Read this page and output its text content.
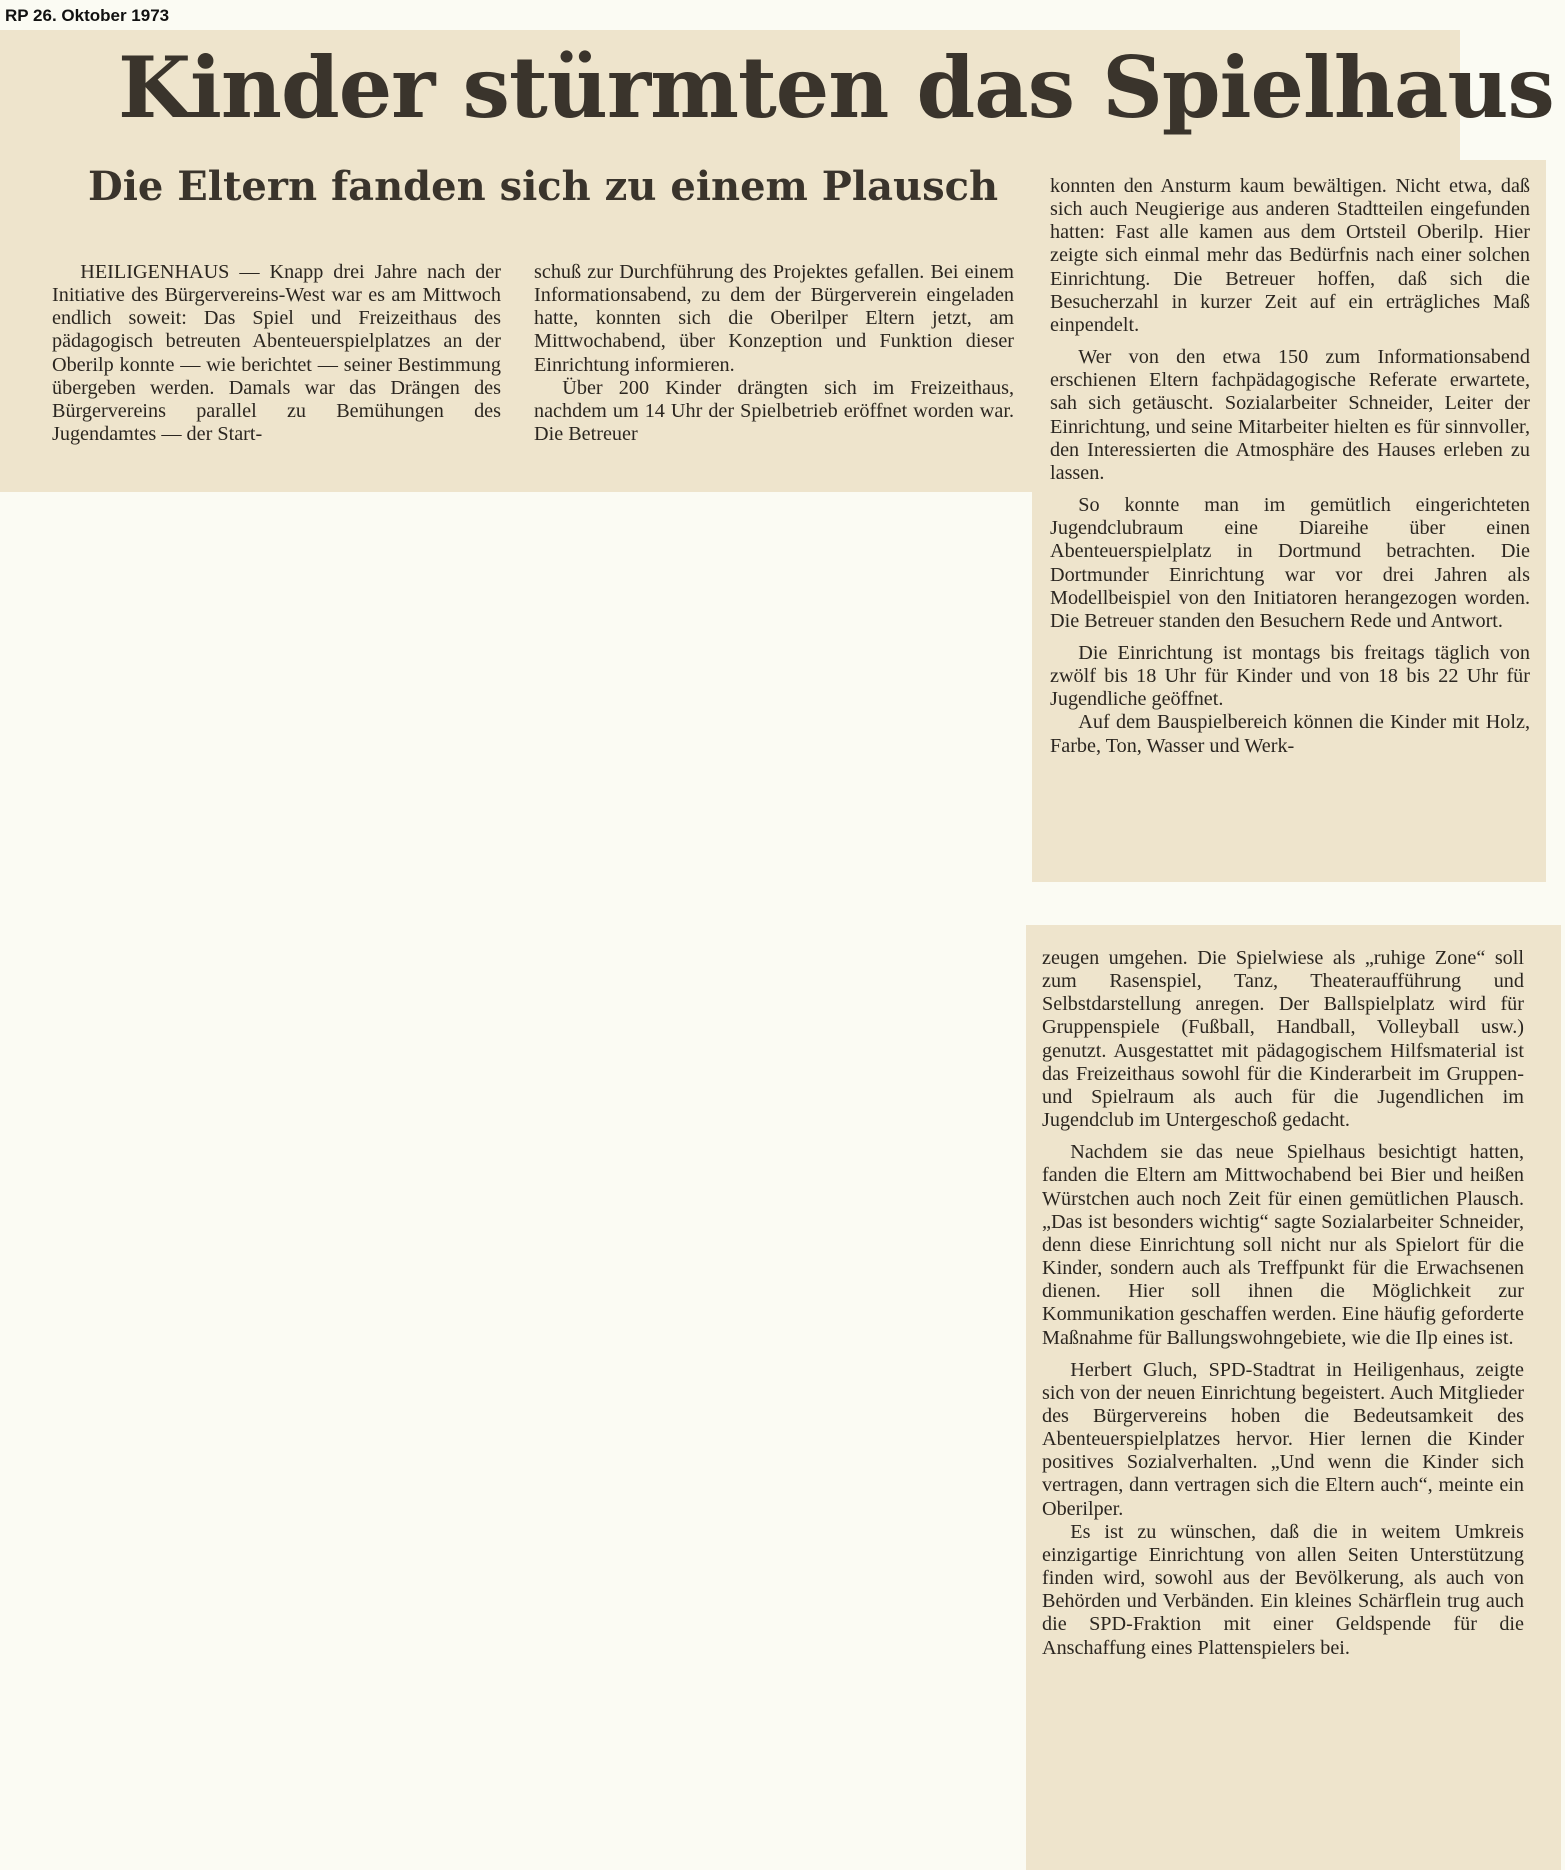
RP 26. Oktober 1973
Kinder stürmten das Spielhaus
Die Eltern fanden sich zu einem Plausch

HEILIGENHAUS — Knapp drei Jahre nach der Initiative des Bürgervereins-West war es am Mittwoch endlich soweit: Das Spiel und Freizeithaus des pädagogisch betreuten Abenteuerspielplatzes an der Oberilp konnte — wie berichtet — seiner Bestimmung übergeben werden. Damals war das Drängen des Bürgervereins parallel zu Bemühungen des Jugendamtes — der Start-

schuß zur Durchführung des Projektes gefallen. Bei einem Informationsabend, zu dem der Bürgerverein eingeladen hatte, konnten sich die Oberilper Eltern jetzt, am Mittwochabend, über Konzeption und Funktion dieser Einrichtung informieren.

Über 200 Kinder drängten sich im Freizeithaus, nachdem um 14 Uhr der Spielbetrieb eröffnet worden war. Die Betreuer

konnten den Ansturm kaum bewältigen. Nicht etwa, daß sich auch Neugierige aus anderen Stadtteilen eingefunden hatten: Fast alle kamen aus dem Ortsteil Oberilp. Hier zeigte sich einmal mehr das Bedürfnis nach einer solchen Einrichtung. Die Betreuer hoffen, daß sich die Besucherzahl in kurzer Zeit auf ein erträgliches Maß einpendelt.

Wer von den etwa 150 zum Informationsabend erschienen Eltern fachpädagogische Referate erwartete, sah sich getäuscht. Sozialarbeiter Schneider, Leiter der Einrichtung, und seine Mitarbeiter hielten es für sinnvoller, den Interessierten die Atmosphäre des Hauses erleben zu lassen.

So konnte man im gemütlich eingerichteten Jugendclubraum eine Diareihe über einen Abenteuerspielplatz in Dortmund betrachten. Die Dortmunder Einrichtung war vor drei Jahren als Modellbeispiel von den Initiatoren herangezogen worden. Die Betreuer standen den Besuchern Rede und Antwort.

Die Einrichtung ist montags bis freitags täglich von zwölf bis 18 Uhr für Kinder und von 18 bis 22 Uhr für Jugendliche geöffnet.

Auf dem Bauspielbereich können die Kinder mit Holz, Farbe, Ton, Wasser und Werk-

zeugen umgehen. Die Spielwiese als „ruhige Zone“ soll zum Rasenspiel, Tanz, Theateraufführung und Selbstdarstellung anregen. Der Ballspielplatz wird für Gruppenspiele (Fußball, Handball, Volleyball usw.) genutzt. Ausgestattet mit pädagogischem Hilfsmaterial ist das Freizeithaus sowohl für die Kinderarbeit im Gruppen- und Spielraum als auch für die Jugendlichen im Jugendclub im Untergeschoß gedacht.

Nachdem sie das neue Spielhaus besichtigt hatten, fanden die Eltern am Mittwochabend bei Bier und heißen Würstchen auch noch Zeit für einen gemütlichen Plausch. „Das ist besonders wichtig“ sagte Sozialarbeiter Schneider, denn diese Einrichtung soll nicht nur als Spielort für die Kinder, sondern auch als Treffpunkt für die Erwachsenen dienen. Hier soll ihnen die Möglichkeit zur Kommunikation geschaffen werden. Eine häufig geforderte Maßnahme für Ballungswohngebiete, wie die Ilp eines ist.

Herbert Gluch, SPD-Stadtrat in Heiligenhaus, zeigte sich von der neuen Einrichtung begeistert. Auch Mitglieder des Bürgervereins hoben die Bedeutsamkeit des Abenteuerspielplatzes hervor. Hier lernen die Kinder positives Sozialverhalten. „Und wenn die Kinder sich vertragen, dann vertragen sich die Eltern auch“, meinte ein Oberilper.

Es ist zu wünschen, daß die in weitem Umkreis einzigartige Einrichtung von allen Seiten Unterstützung finden wird, sowohl aus der Bevölkerung, als auch von Behörden und Verbänden. Ein kleines Schärflein trug auch die SPD-Fraktion mit einer Geldspende für die Anschaffung eines Plattenspielers bei.
